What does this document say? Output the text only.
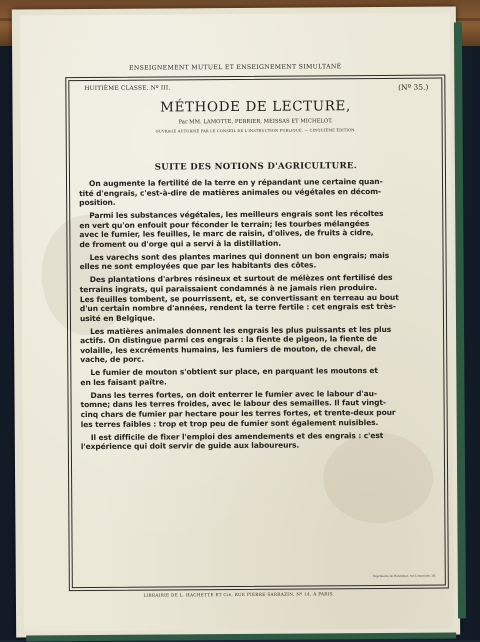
ENSEIGNEMENT MUTUEL ET ENSEIGNEMENT SIMULTANÉ
HUITIÈME CLASSE, Nº III.	(Nº 35.)
MÉTHODE DE LECTURE,
Par MM. LAMOTTE, PERRIER, MEISSAS ET MICHELOT.
OUVRAGE AUTORISÉ PAR LE CONSEIL DE L'INSTRUCTION PUBLIQUE. — CINQUIÈME ÉDITION.
SUITE DES NOTIONS D'AGRICULTURE.
On augmente la fertilité de la terre en y répandant une certaine quan-
tité d'engrais, c'est-à-dire de matières animales ou végétales en décom-
position.
Parmi les substances végétales, les meilleurs engrais sont les récoltes
en vert qu'on enfouit pour féconder le terrain; les tourbes mélangées
avec le fumier, les feuilles, le marc de raisin, d'olives, de fruits à cidre,
de froment ou d'orge qui a servi à la distillation.
Les varechs sont des plantes marines qui donnent un bon engrais; mais
elles ne sont employées que par les habitants des côtes.
Des plantations d'arbres résineux et surtout de mélèzes ont fertilisé des
terrains ingrats, qui paraissaient condamnés à ne jamais rien produire.
Les feuilles tombent, se pourrissent, et, se convertissant en terreau au bout
d'un certain nombre d'années, rendent la terre fertile : cet engrais est très-
usité en Belgique.
Les matières animales donnent les engrais les plus puissants et les plus
actifs. On distingue parmi ces engrais : la fiente de pigeon, la fiente de
volaille, les excréments humains, les fumiers de mouton, de cheval, de
vache, de porc.
Le fumier de mouton s'obtient sur place, en parquant les moutons et
en les faisant paître.
Dans les terres fortes, on doit enterrer le fumier avec le labour d'au-
tomne; dans les terres froides, avec le labour des semailles. Il faut vingt-
cinq chars de fumier par hectare pour les terres fortes, et trente-deux pour
les terres faibles : trop et trop peu de fumier sont également nuisibles.
Il est difficile de fixer l'emploi des amendements et des engrais : c'est
l'expérience qui doit servir de guide aux laboureurs.
Imprimerie de Hennuyer, rue Lemercier, 24.
LIBRAIRIE DE L. HACHETTE ET Cie, RUE PIERRE-SARRAZIN, Nº 14, A PARIS.
